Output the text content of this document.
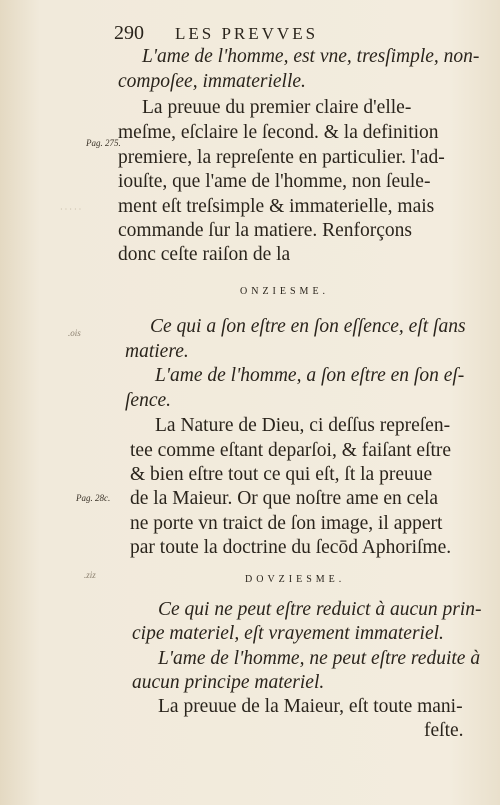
290 LES PREVVES
· · · · ·
Pag. 275.
.ois
Pag. 28c.
.ziz
L'ame de l'homme, est vne, tresſimple, non-
compoſee, immaterielle.
La preuue du premier claire d'elle-
meſme, eſclaire le ſecond. & la definition
premiere, la repreſente en particulier. l'ad-
iouſte, que l'ame de l'homme, non ſeule-
ment eſt treſsimple & immaterielle, mais
commande ſur la matiere. Renforçons
donc ceſte raiſon de la
ONZIESME.
Ce qui a ſon eſtre en ſon eſſence, eſt ſans
matiere.
L'ame de l'homme, a ſon eſtre en ſon eſ-
ſence.
La Nature de Dieu, ci deſſus repreſen-
tee comme eſtant deparſoi, & faiſant eſtre
& bien eſtre tout ce qui eſt, ſt la preuue
de la Maieur. Or que noſtre ame en cela
ne porte vn traict de ſon image, il appert
par toute la doctrine du ſecōd Aphoriſme.
DOVZIESME.
Ce qui ne peut eſtre reduict à aucun prin-
cipe materiel, eſt vrayement immateriel.
L'ame de l'homme, ne peut eſtre reduite à
aucun principe materiel.
La preuue de la Maieur, eſt toute mani-
feſte.
